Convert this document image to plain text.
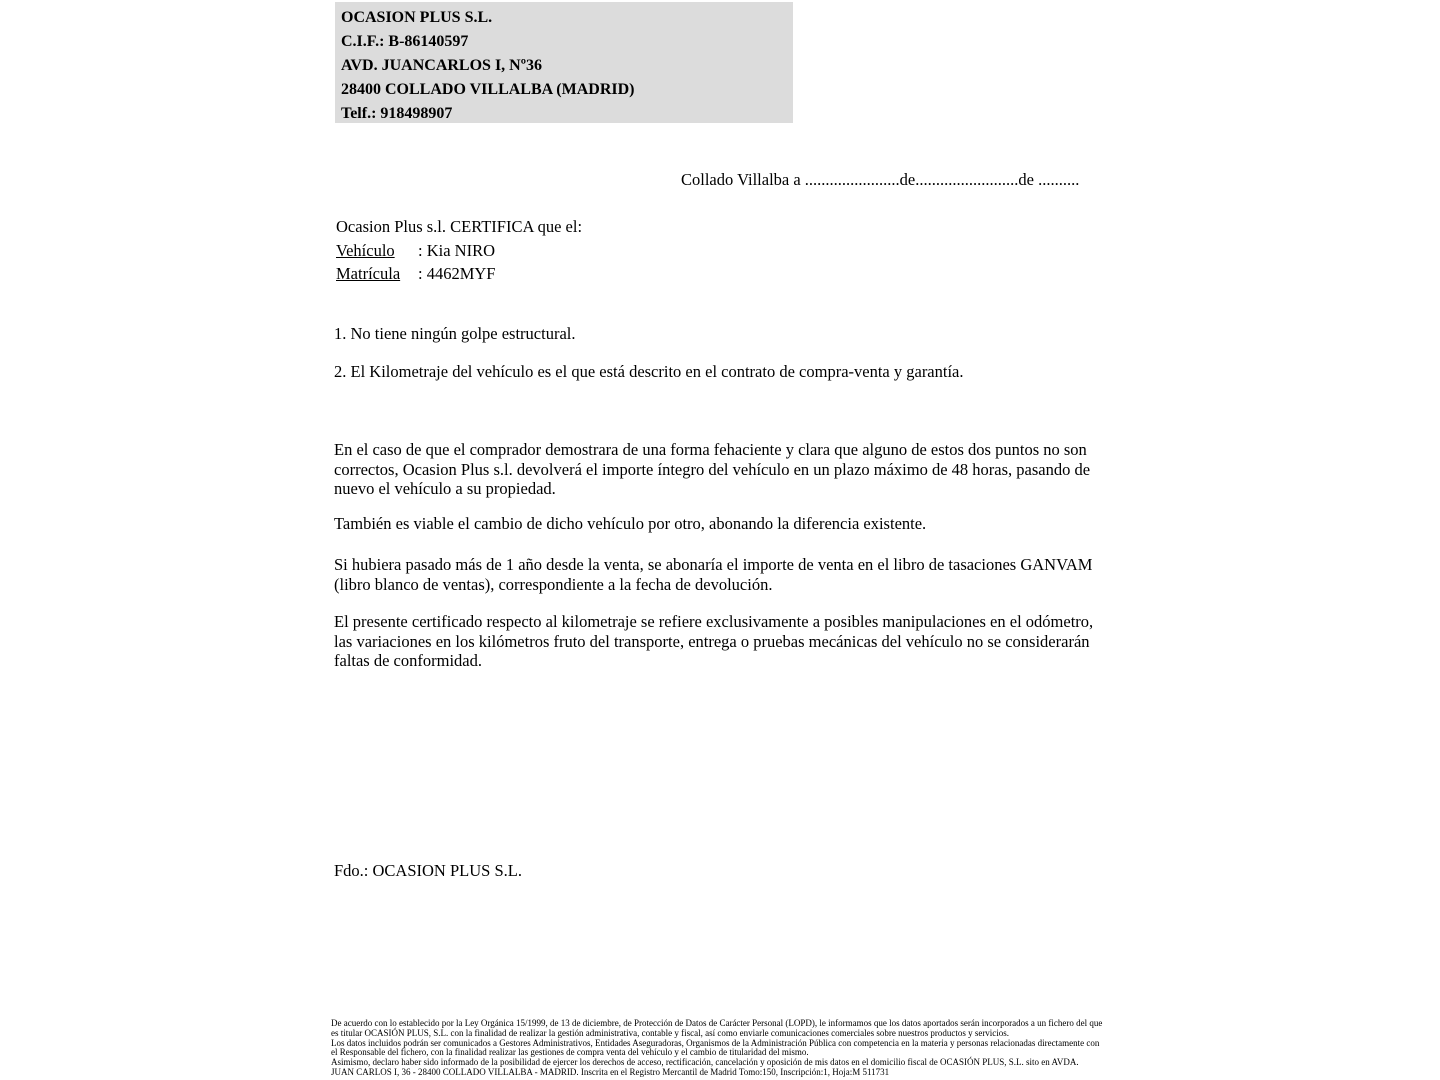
OCASION PLUS S.L.
C.I.F.: B-86140597
AVD. JUANCARLOS I, Nº36
28400 COLLADO VILLALBA (MADRID)
Telf.: 918498907
Collado Villalba a .......................de.........................de ..........
Ocasion Plus s.l. CERTIFICA que el:
Vehículo	: Kia NIRO
Matrícula	: 4462MYF
1. No tiene ningún golpe estructural.
2. El Kilometraje del vehículo es el que está descrito en el contrato de compra-venta y garantía.
En el caso de que el comprador demostrara de una forma fehaciente y clara que alguno de estos dos puntos no son correctos, Ocasion Plus s.l. devolverá el importe íntegro del vehículo en un plazo máximo de 48 horas, pasando de nuevo el vehículo a su propiedad.
También es viable el cambio de dicho vehículo por otro, abonando la diferencia existente.
Si hubiera pasado más de 1 año desde la venta, se abonaría el importe de venta en el libro de tasaciones GANVAM (libro blanco de ventas), correspondiente a la fecha de devolución.
El presente certificado respecto al kilometraje se refiere exclusivamente a posibles manipulaciones en el odómetro, las variaciones en los kilómetros fruto del transporte, entrega o pruebas mecánicas del vehículo no se considerarán faltas de conformidad.
Fdo.: OCASION PLUS S.L.
De acuerdo con lo establecido por la Ley Orgánica 15/1999, de 13 de diciembre, de Protección de Datos de Carácter Personal (LOPD), le informamos que los datos aportados serán incorporados a un fichero del que es titular OCASIÓN PLUS, S.L. con la finalidad de realizar la gestión administrativa, contable y fiscal, así como enviarle comunicaciones comerciales sobre nuestros productos y servicios.
Los datos incluidos podrán ser comunicados a Gestores Administrativos, Entidades Aseguradoras, Organismos de la Administración Pública con competencia en la materia y personas relacionadas directamente con el Responsable del fichero, con la finalidad realizar las gestiones de compra venta del vehículo y el cambio de titularidad del mismo.
Asimismo, declaro haber sido informado de la posibilidad de ejercer los derechos de acceso, rectificación, cancelación y oposición de mis datos en el domicilio fiscal de OCASIÓN PLUS, S.L. sito en AVDA. JUAN CARLOS I, 36 - 28400 COLLADO VILLALBA - MADRID. Inscrita en el Registro Mercantil de Madrid Tomo:150, Inscripción:1, Hoja:M 511731
